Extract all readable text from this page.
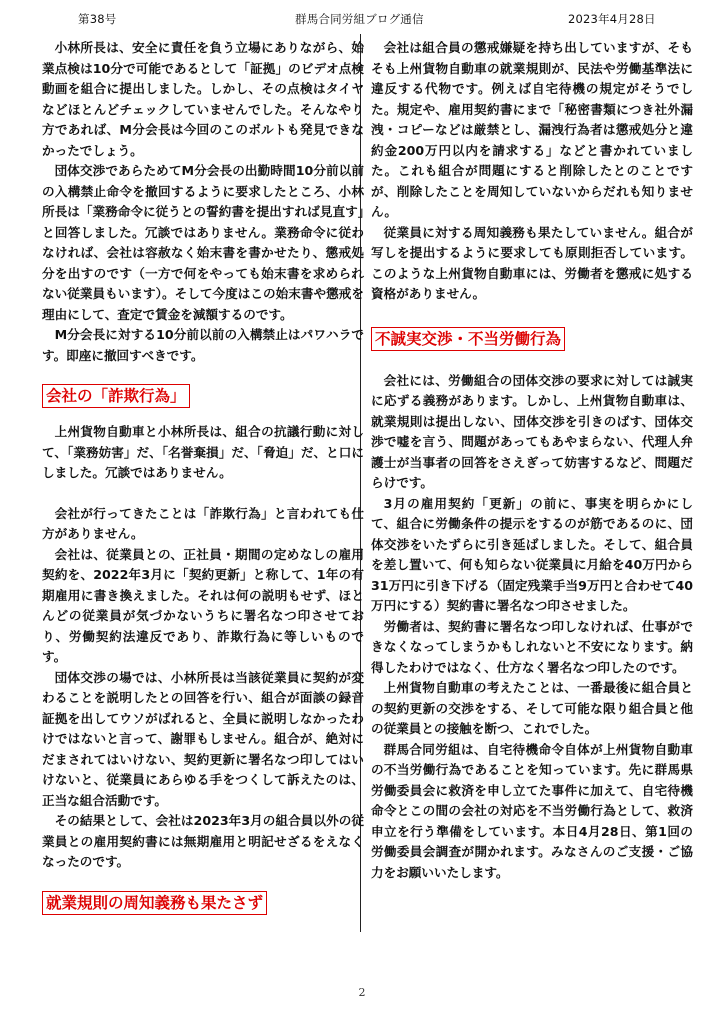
第38号	群馬合同労組ブログ通信	2023年4月28日

小林所長は、安全に責任を負う立場にありながら、始業点検は10分で可能であるとして「証拠」のビデオ点検動画を組合に提出しました。しかし、その点検はタイヤなどほとんどチェックしていませんでした。そんなやり方であれば、M分会長は今回のこのボルトも発見できなかったでしょう。

団体交渉であらためてM分会長の出勤時間10分前以前の入構禁止命令を撤回するように要求したところ、小林所長は「業務命令に従うとの誓約書を提出すれば見直す」と回答しました。冗談ではありません。業務命令に従わなければ、会社は容赦なく始末書を書かせたり、懲戒処分を出すのです（一方で何をやっても始末書を求められない従業員もいます）。そして今度はこの始末書や懲戒を理由にして、査定で賃金を減額するのです。

M分会長に対する10分前以前の入構禁止はパワハラです。即座に撤回すべきです。

会社の「詐欺行為」

上州貨物自動車と小林所長は、組合の抗議行動に対して、「業務妨害」だ、「名誉棄損」だ、「脅迫」だ、と口にしました。冗談ではありません。

会社が行ってきたことは「詐欺行為」と言われても仕方がありません。

会社は、従業員との、正社員・期間の定めなしの雇用契約を、2022年3月に「契約更新」と称して、1年の有期雇用に書き換えました。それは何の説明もせず、ほとんどの従業員が気づかないうちに署名なつ印させており、労働契約法違反であり、詐欺行為に等しいものです。

団体交渉の場では、小林所長は当該従業員に契約が変わることを説明したとの回答を行い、組合が面談の録音証拠を出してウソがばれると、全員に説明しなかったわけではないと言って、謝罪もしません。組合が、絶対にだまされてはいけない、契約更新に署名なつ印してはいけないと、従業員にあらゆる手をつくして訴えたのは、正当な組合活動です。

その結果として、会社は2023年3月の組合員以外の従業員との雇用契約書には無期雇用と明記せざるをえなくなったのです。

就業規則の周知義務も果たさず

会社は組合員の懲戒嫌疑を持ち出していますが、そもそも上州貨物自動車の就業規則が、民法や労働基準法に違反する代物です。例えば自宅待機の規定がそうでした。規定や、雇用契約書にまで「秘密書類につき社外漏洩・コピーなどは厳禁とし、漏洩行為者は懲戒処分と違約金200万円以内を請求する」などと書かれていました。これも組合が問題にすると削除したとのことですが、削除したことを周知していないからだれも知りません。

従業員に対する周知義務も果たしていません。組合が写しを提出するように要求しても原則拒否しています。このような上州貨物自動車には、労働者を懲戒に処する資格がありません。

不誠実交渉・不当労働行為

会社には、労働組合の団体交渉の要求に対しては誠実に応ずる義務があります。しかし、上州貨物自動車は、就業規則は提出しない、団体交渉を引きのばす、団体交渉で嘘を言う、問題があってもあやまらない、代理人弁護士が当事者の回答をさえぎって妨害するなど、問題だらけです。

3月の雇用契約「更新」の前に、事実を明らかにして、組合に労働条件の提示をするのが筋であるのに、団体交渉をいたずらに引き延ばしました。そして、組合員を差し置いて、何も知らない従業員に月給を40万円から31万円に引き下げる（固定残業手当9万円と合わせて40万円にする）契約書に署名なつ印させました。

労働者は、契約書に署名なつ印しなければ、仕事ができなくなってしまうかもしれないと不安になります。納得したわけではなく、仕方なく署名なつ印したのです。

上州貨物自動車の考えたことは、一番最後に組合員との契約更新の交渉をする、そして可能な限り組合員と他の従業員との接触を断つ、これでした。

群馬合同労組は、自宅待機命令自体が上州貨物自動車の不当労働行為であることを知っています。先に群馬県労働委員会に救済を申し立てた事件に加えて、自宅待機命令とこの間の会社の対応を不当労働行為として、救済申立を行う準備をしています。本日4月28日、第1回の労働委員会調査が開かれます。みなさんのご支援・ご協力をお願いいたします。

2
